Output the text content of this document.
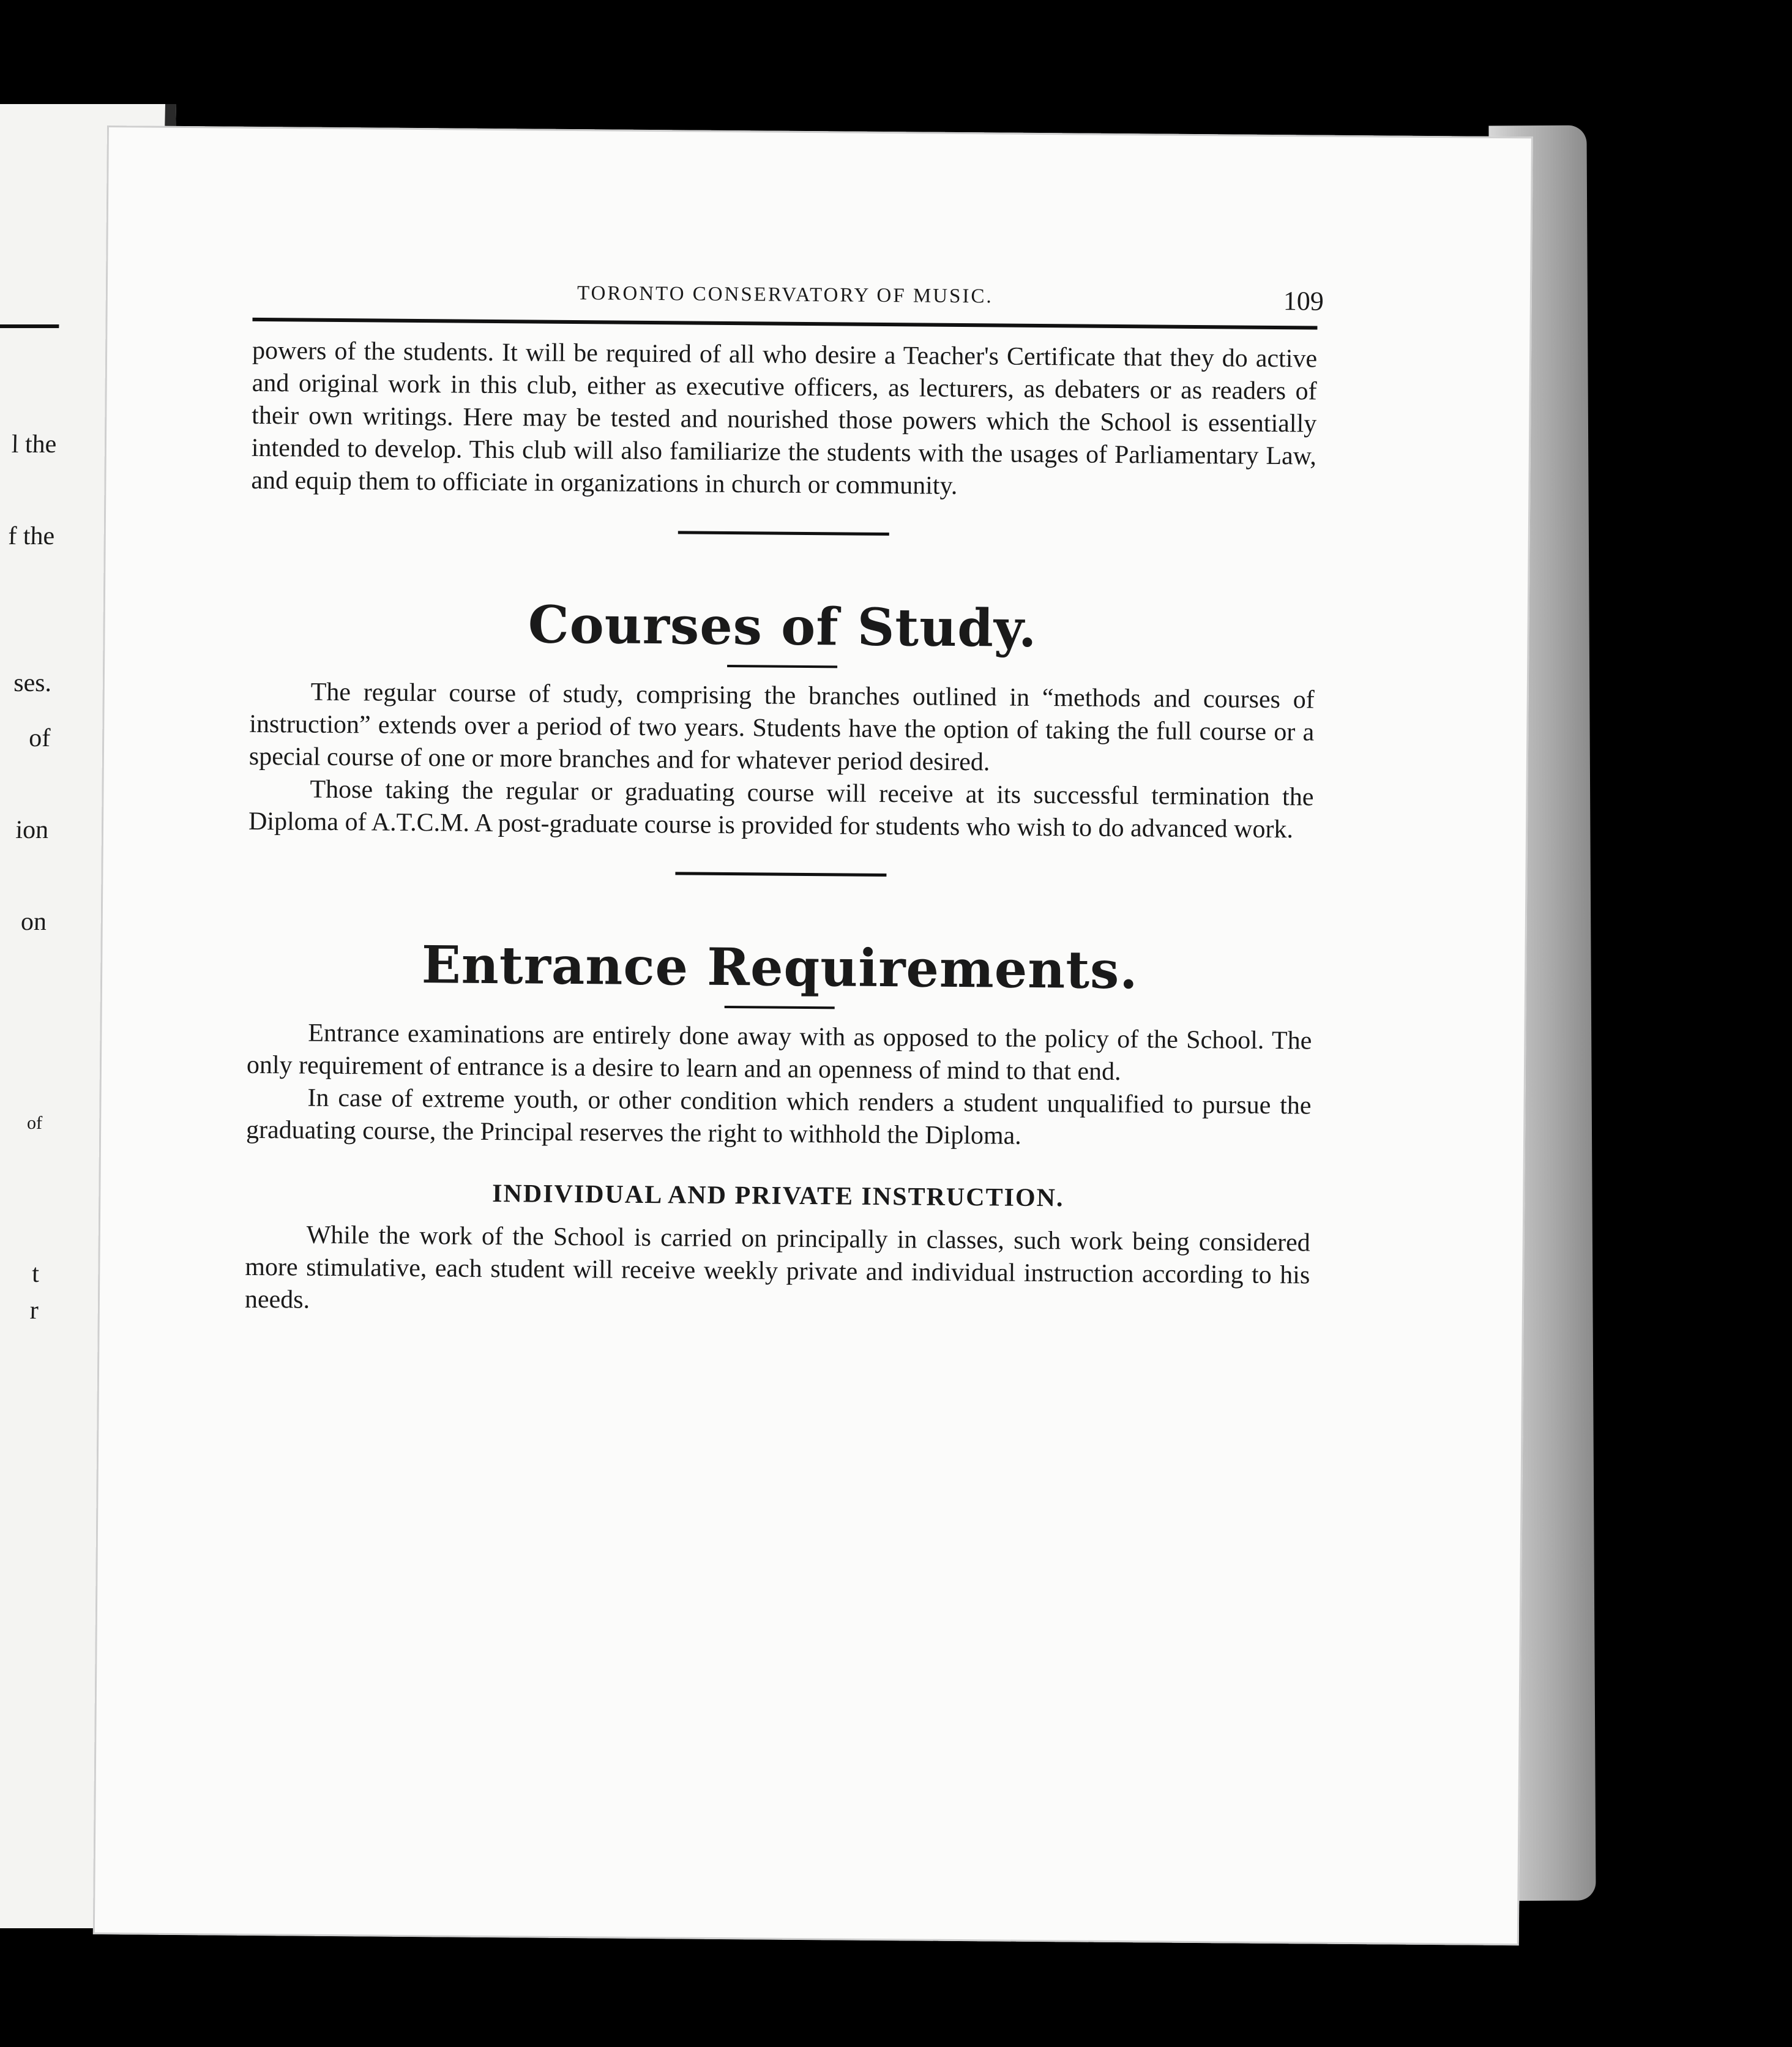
l the
f the
ses.
of
ion
on
of
t
r
TORONTO CONSERVATORY OF MUSIC.	109

powers of the students. It will be required of all who desire a Teacher's Certificate that they do active and original work in this club, either as executive officers, as lecturers, as debaters or as readers of their own writings. Here may be tested and nourished those powers which the School is essentially intended to develop. This club will also familiarize the students with the usages of Parliamentary Law, and equip them to officiate in organizations in church or community.

Courses of Study.

The regular course of study, comprising the branches outlined in “methods and courses of instruction” extends over a period of two years. Students have the option of taking the full course or a special course of one or more branches and for whatever period desired.

Those taking the regular or graduating course will receive at its successful termination the Diploma of A.T.C.M. A post-graduate course is provided for students who wish to do advanced work.

Entrance Requirements.

Entrance examinations are entirely done away with as opposed to the policy of the School. The only requirement of entrance is a desire to learn and an openness of mind to that end.

In case of extreme youth, or other condition which renders a student unqualified to pursue the graduating course, the Principal reserves the right to withhold the Diploma.

INDIVIDUAL AND PRIVATE INSTRUCTION.

While the work of the School is carried on principally in classes, such work being considered more stimulative, each student will receive weekly private and individual instruction according to his needs.
